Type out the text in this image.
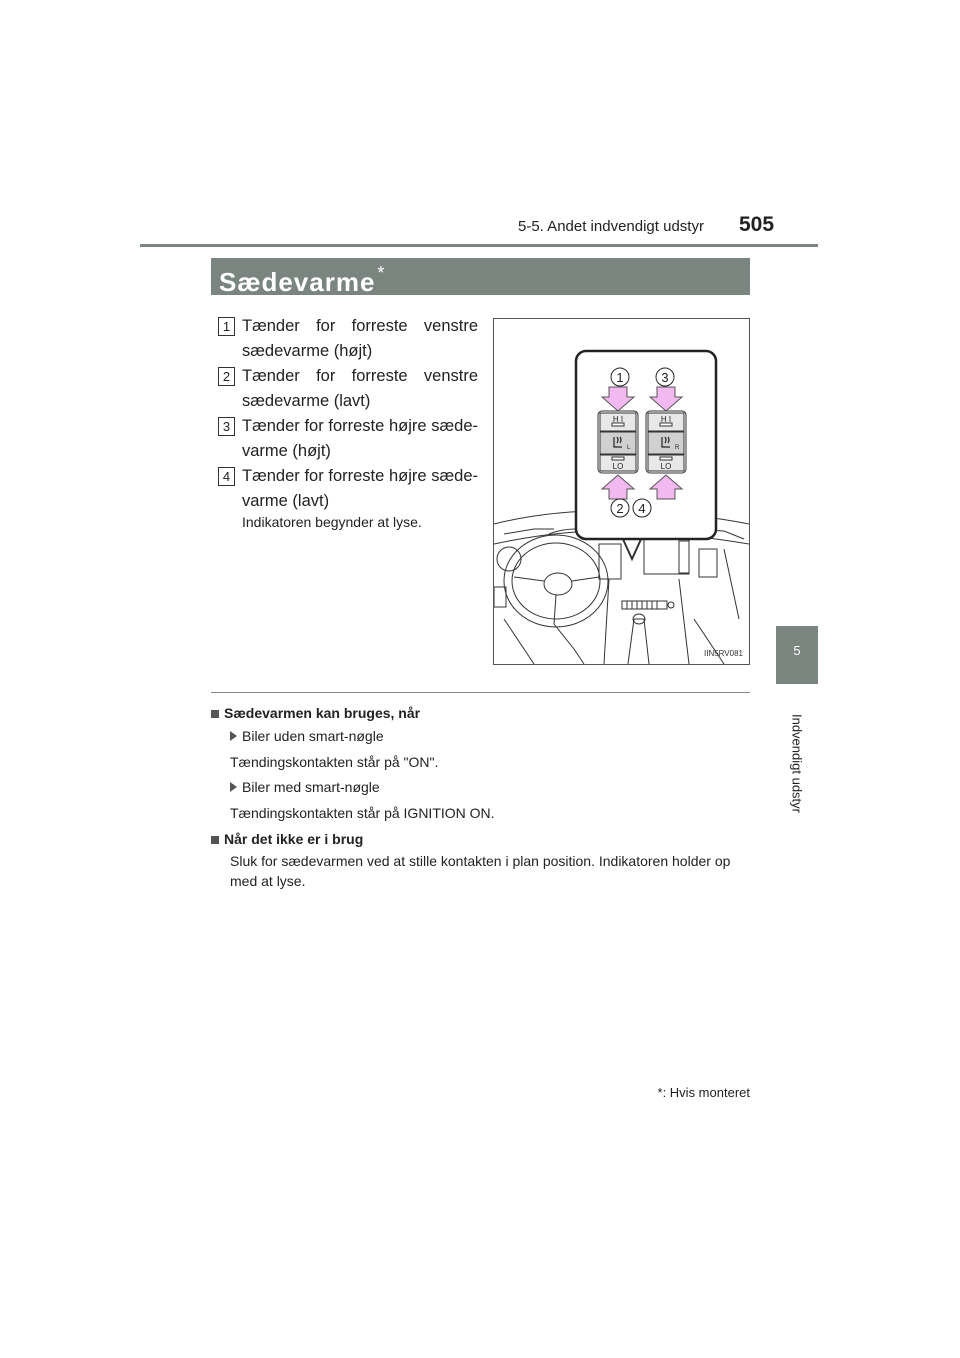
5-5. Andet indvendigt udstyr 505
5
Indvendigt udstyr
Sædevarme *
1 Tænder for forreste venstre sædevarme (højt)
2 Tænder for forreste venstre sædevarme (lavt)
3 Tænder for forreste højre sæde- varme (højt)
4 Tænder for forreste højre sæde- varme (lavt)
Indikatoren begynder at lyse.
H I	H I
LO	LO
L	R
1	3
2 4
IIN5RV081
Sædevarmen kan bruges, når
Biler uden smart-nøgle
Tændingskontakten står på "ON".
Biler med smart-nøgle
Tændingskontakten står på IGNITION ON.
Når det ikke er i brug
Sluk for sædevarmen ved at stille kontakten i plan position. Indikatoren holder op med at lyse.
*: Hvis monteret
